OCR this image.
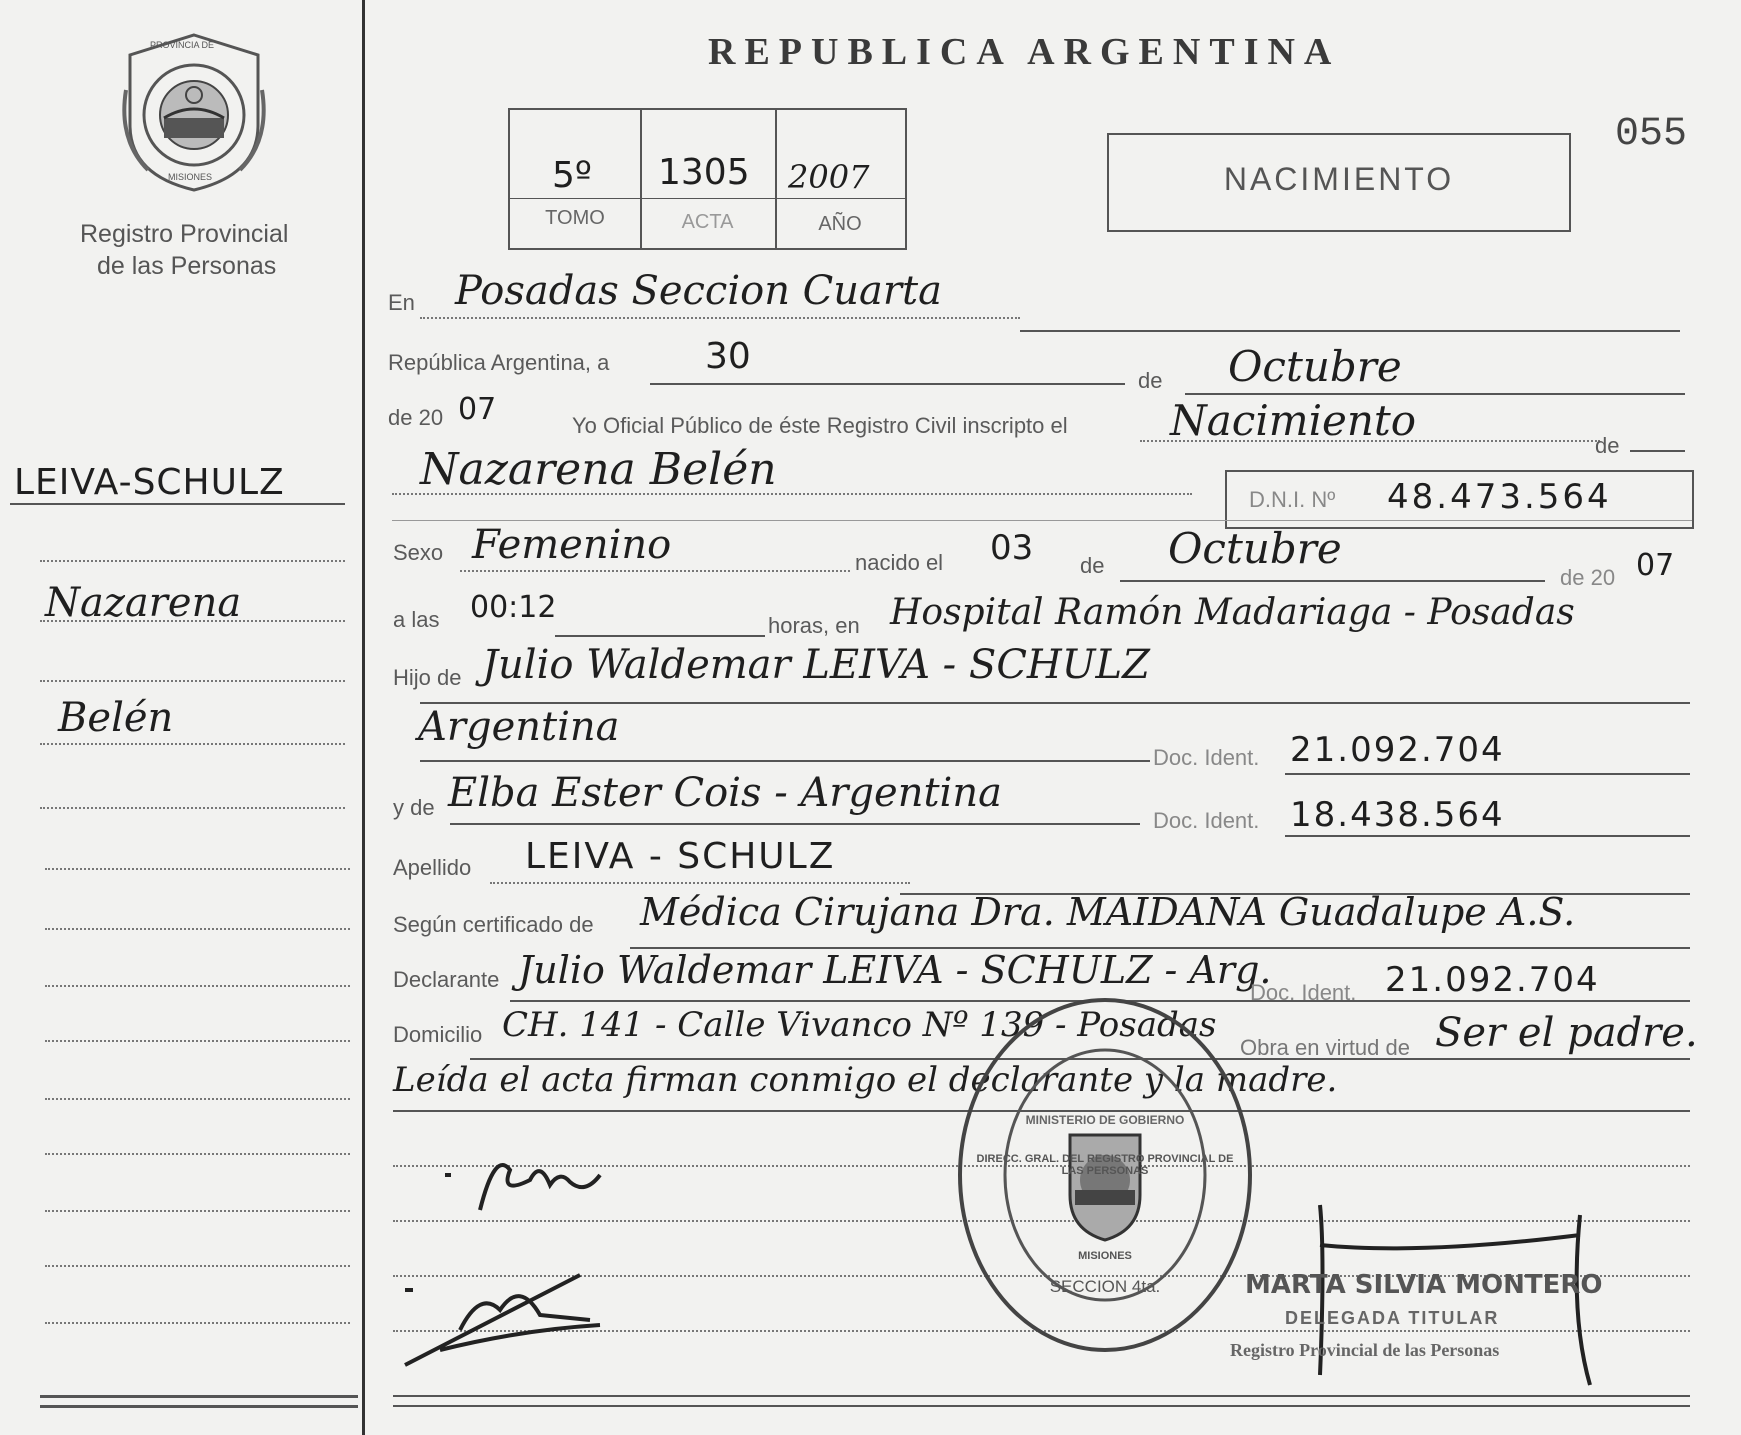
PROVINCIA DE
MISIONES
Registro Provincial
de las Personas
LEIVA-SCHULZ
Nazarena
Belén
REPUBLICA ARGENTINA
055
5º 1305 2007
TOMO	ACTA	AÑO
NACIMIENTO
En Posadas Seccion Cuarta
República Argentina, a	30
de Octubre
de 20 07	Yo Oficial Público de éste Registro Civil inscripto el Nacimiento
de
Nazarena Belén
D.N.I. Nº 48.473.564
Sexo Femenino	nacido el 03 de Octubre
de 20 07
a las 00:12
horas, en Hospital Ramón Madariaga - Posadas
Hijo de Julio Waldemar LEIVA - SCHULZ
Argentina
Doc. Ident. 21.092.704
y de Elba Ester Cois - Argentina
Doc. Ident. 18.438.564
Apellido LEIVA - SCHULZ
Según certificado de Médica Cirujana Dra. MAIDANA Guadalupe A.S.
Declarante Julio Waldemar LEIVA - SCHULZ - Arg.
Doc. Ident. 21.092.704
Domicilio CH. 141 - Calle Vivanco Nº 139 - Posadas
Obra en virtud de Ser el padre.
Leída el acta firman conmigo el declarante y la madre.
DIRECC. GRAL. DEL REGISTRO PROVINCIAL DE LAS PERSONAS
MINISTERIO DE GOBIERNO
MISIONES
SECCION 4ta.	MARTA SILVIA MONTERO
DELEGADA TITULAR
Registro Provincial de las Personas
